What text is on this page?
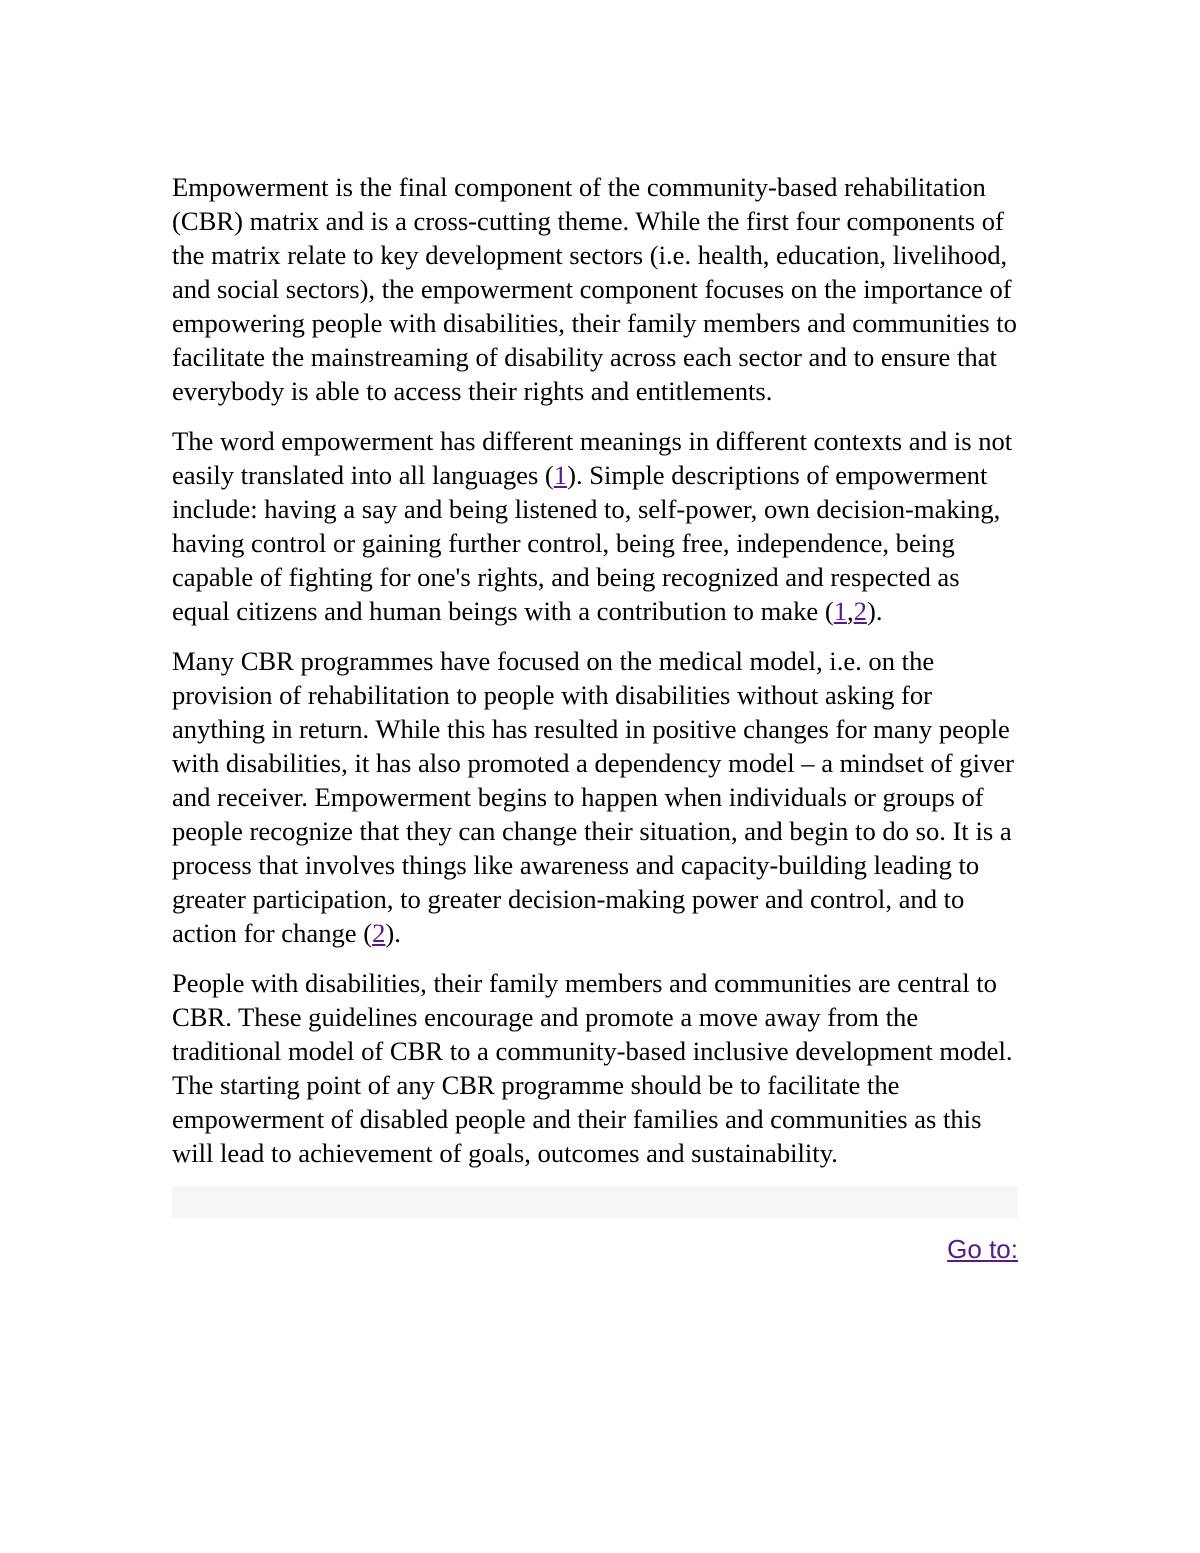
Empowerment is the final component of the community-based rehabilitation (CBR) matrix and is a cross-cutting theme. While the first four components of the matrix relate to key development sectors (i.e. health, education, livelihood, and social sectors), the empowerment component focuses on the importance of empowering people with disabilities, their family members and communities to facilitate the mainstreaming of disability across each sector and to ensure that everybody is able to access their rights and entitlements.

The word empowerment has different meanings in different contexts and is not easily translated into all languages (1). Simple descriptions of empowerment include: having a say and being listened to, self-power, own decision-making, having control or gaining further control, being free, independence, being capable of fighting for one's rights, and being recognized and respected as equal citizens and human beings with a contribution to make (1,2).

Many CBR programmes have focused on the medical model, i.e. on the provision of rehabilitation to people with disabilities without asking for anything in return. While this has resulted in positive changes for many people with disabilities, it has also promoted a dependency model – a mindset of giver and receiver. Empowerment begins to happen when individuals or groups of people recognize that they can change their situation, and begin to do so. It is a process that involves things like awareness and capacity-building leading to greater participation, to greater decision-making power and control, and to action for change (2).

People with disabilities, their family members and communities are central to CBR. These guidelines encourage and promote a move away from the traditional model of CBR to a community-based inclusive development model. The starting point of any CBR programme should be to facilitate the empowerment of disabled people and their families and communities as this will lead to achievement of goals, outcomes and sustainability.

Go to:
